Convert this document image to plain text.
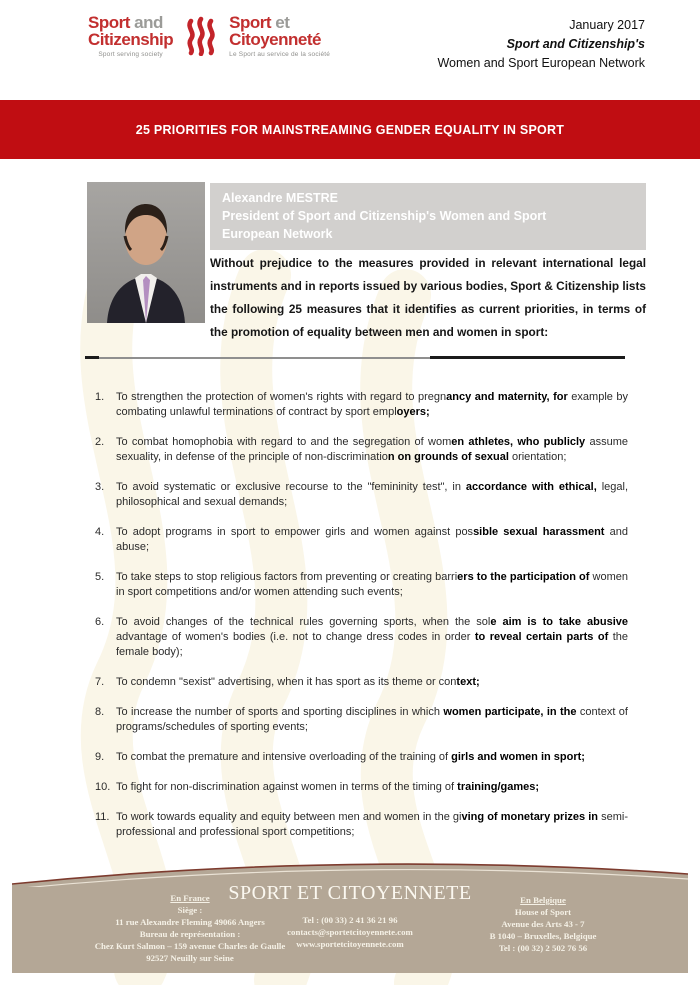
Sport and
Citizenship
Sport serving society
Sport et
Citoyenneté
Le Sport au service de la société
January 2017
Sport and Citizenship's
Women and Sport European Network
25 PRIORITIES FOR MAINSTREAMING GENDER EQUALITY IN SPORT
Alexandre MESTRE
President of Sport and Citizenship's Women and Sport
European Network
Without prejudice to the measures provided in relevant international legal instruments and in reports issued by various bodies, Sport & Citizenship lists the following 25 measures that it identifies as current priorities, in terms of the promotion of equality between men and women in sport:
1.	To strengthen the protection of women's rights with regard to pregnancy and maternity, for example by combating unlawful terminations of contract by sport employers;
2.	To combat homophobia with regard to and the segregation of women athletes, who publicly assume sexuality, in defense of the principle of non-discrimination on grounds of sexual orientation;
3.	To avoid systematic or exclusive recourse to the "femininity test", in accordance with ethical, legal, philosophical and sexual demands;
4.	To adopt programs in sport to empower girls and women against possible sexual harassment and abuse;
5.	To take steps to stop religious factors from preventing or creating barriers to the participation of women in sport competitions and/or women attending such events;
6.	To avoid changes of the technical rules governing sports, when the sole aim is to take abusive advantage of women's bodies (i.e. not to change dress codes in order to reveal certain parts of the female body);
7.	To condemn "sexist" advertising, when it has sport as its theme or context;
8.	To increase the number of sports and sporting disciplines in which women participate, in the context of programs/schedules of sporting events;
9.	To combat the premature and intensive overloading of the training of girls and women in sport;
10. To fight for non-discrimination against women in terms of the timing of training/games;
11. To work towards equality and equity between men and women in the giving of monetary prizes in semi-professional and professional sport competitions;
En France
Siège :
11 rue Alexandre Fleming 49066 Angers
Bureau de représentation :
Chez Kurt Salmon – 159 avenue Charles de Gaulle
92527 Neuilly sur Seine
SPORT ET CITOYENNETE
Tel : (00 33) 2 41 36 21 96
contacts@sportetcitoyennete.com
www.sportetcitoyennete.com
En Belgique
House of Sport
Avenue des Arts 43 - 7
B 1040 – Bruxelles, Belgique
Tel : (00 32) 2 502 76 56
